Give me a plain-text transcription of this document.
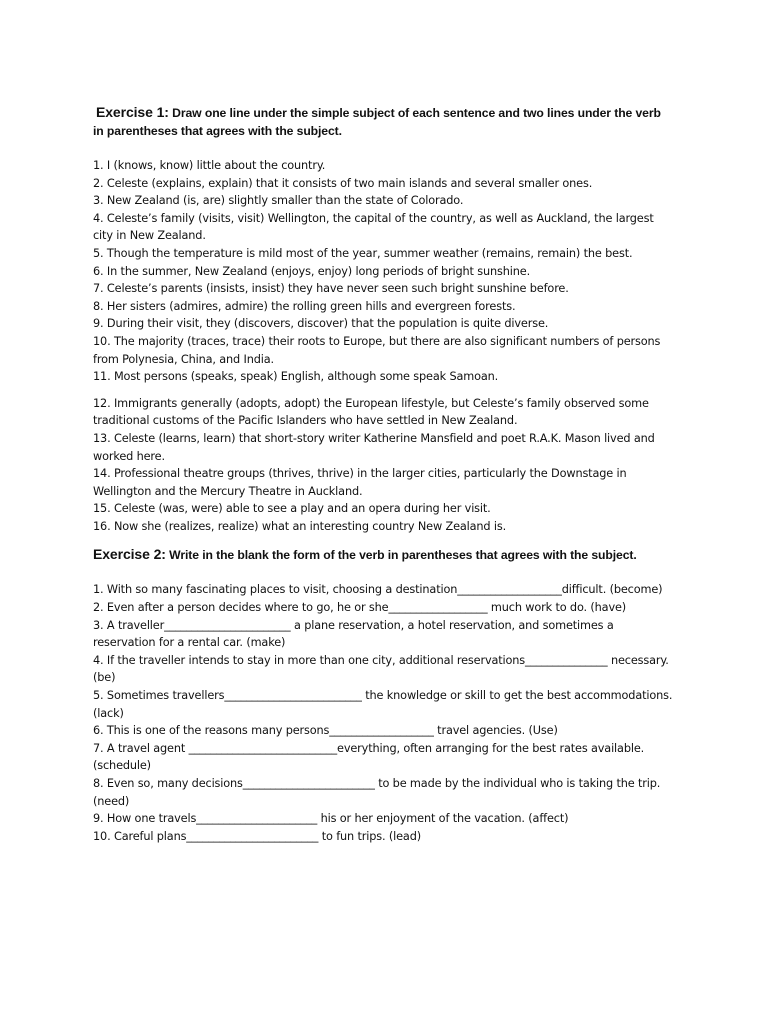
Exercise 1: Draw one line under the simple subject of each sentence and two lines under the verb in parentheses that agrees with the subject.
1. I (knows, know) little about the country.
2. Celeste (explains, explain) that it consists of two main islands and several smaller ones.
3. New Zealand (is, are) slightly smaller than the state of Colorado.
4. Celeste’s family (visits, visit) Wellington, the capital of the country, as well as Auckland, the largest city in New Zealand.
5. Though the temperature is mild most of the year, summer weather (remains, remain) the best.
6. In the summer, New Zealand (enjoys, enjoy) long periods of bright sunshine.
7. Celeste’s parents (insists, insist) they have never seen such bright sunshine before.
8. Her sisters (admires, admire) the rolling green hills and evergreen forests.
9. During their visit, they (discovers, discover) that the population is quite diverse.
10. The majority (traces, trace) their roots to Europe, but there are also significant numbers of persons from Polynesia, China, and India.
11. Most persons (speaks, speak) English, although some speak Samoan.
12. Immigrants generally (adopts, adopt) the European lifestyle, but Celeste’s family observed some traditional customs of the Pacific Islanders who have settled in New Zealand.
13. Celeste (learns, learn) that short-story writer Katherine Mansfield and poet R.A.K. Mason lived and worked here.
14. Professional theatre groups (thrives, thrive) in the larger cities, particularly the Downstage in Wellington and the Mercury Theatre in Auckland.
15. Celeste (was, were) able to see a play and an opera during her visit.
16. Now she (realizes, realize) what an interesting country New Zealand is.
Exercise 2: Write in the blank the form of the verb in parentheses that agrees with the subject.
1. With so many fascinating places to visit, choosing a destination___________________difficult. (become)
2. Even after a person decides where to go, he or she__________________ much work to do. (have)
3. A traveller_______________________ a plane reservation, a hotel reservation, and sometimes a reservation for a rental car. (make)
4. If the traveller intends to stay in more than one city, additional reservations_______________ necessary. (be)
5. Sometimes travellers_________________________ the knowledge or skill to get the best accommodations. (lack)
6. This is one of the reasons many persons___________________ travel agencies. (Use)
7. A travel agent ___________________________everything, often arranging for the best rates available. (schedule)
8. Even so, many decisions________________________ to be made by the individual who is taking the trip. (need)
9. How one travels______________________ his or her enjoyment of the vacation. (affect)
10. Careful plans________________________ to fun trips. (lead)
